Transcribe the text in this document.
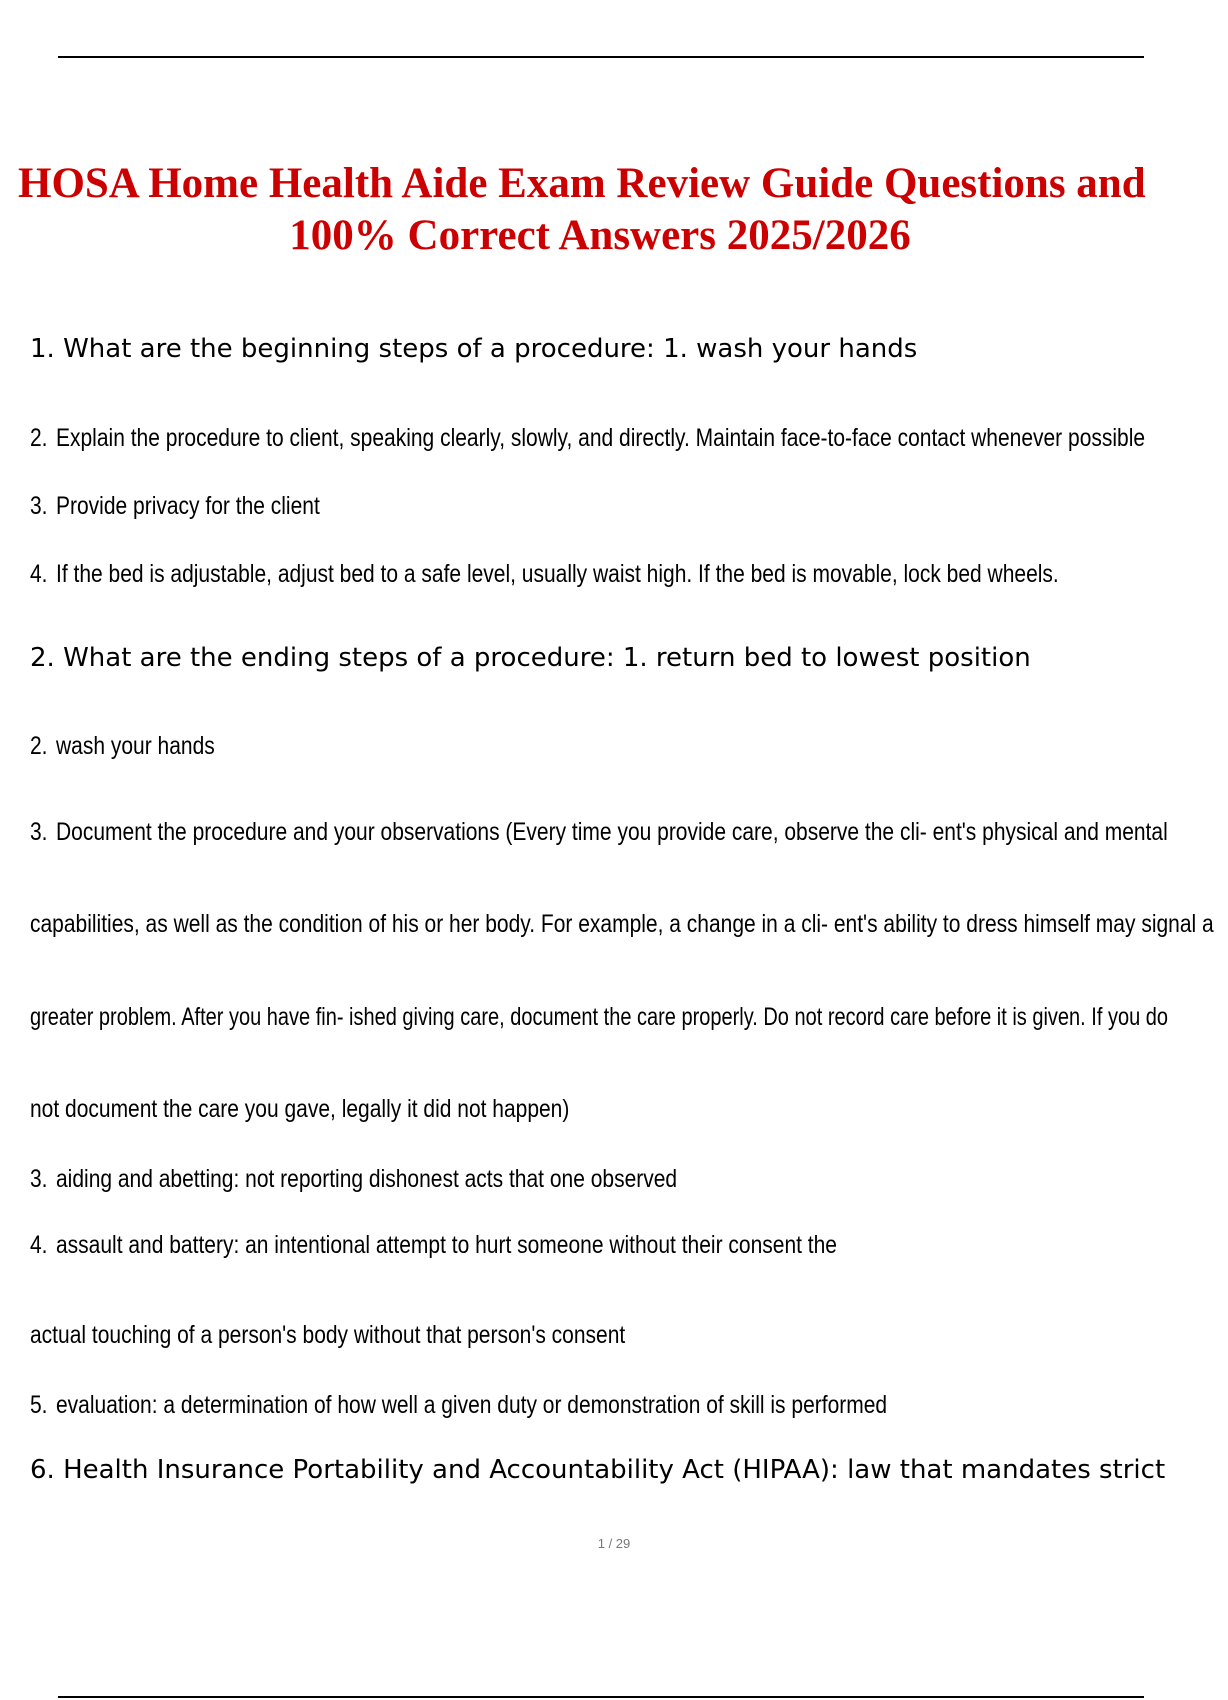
HOSA Home Health Aide Exam Review Guide Questions and
100% Correct Answers 2025/2026
1. What are the beginning steps of a procedure: 1. wash your hands
2. Explain the procedure to client, speaking clearly, slowly, and directly. Maintain face-to-face contact whenever possible
3. Provide privacy for the client
4. If the bed is adjustable, adjust bed to a safe level, usually waist high. If the bed is movable, lock bed wheels.
2. What are the ending steps of a procedure: 1. return bed to lowest position
2. wash your hands
3. Document the procedure and your observations (Every time you provide care, observe the cli- ent's physical and mental
capabilities, as well as the condition of his or her body. For example, a change in a cli- ent's ability to dress himself may signal a
greater problem. After you have fin- ished giving care, document the care properly. Do not record care before it is given. If you do
not document the care you gave, legally it did not happen)
3. aiding and abetting: not reporting dishonest acts that one observed
4. assault and battery: an intentional attempt to hurt someone without their consent the
actual touching of a person's body without that person's consent
5. evaluation: a determination of how well a given duty or demonstration of skill is performed
6. Health Insurance Portability and Accountability Act (HIPAA): law that mandates strict
1 / 29
